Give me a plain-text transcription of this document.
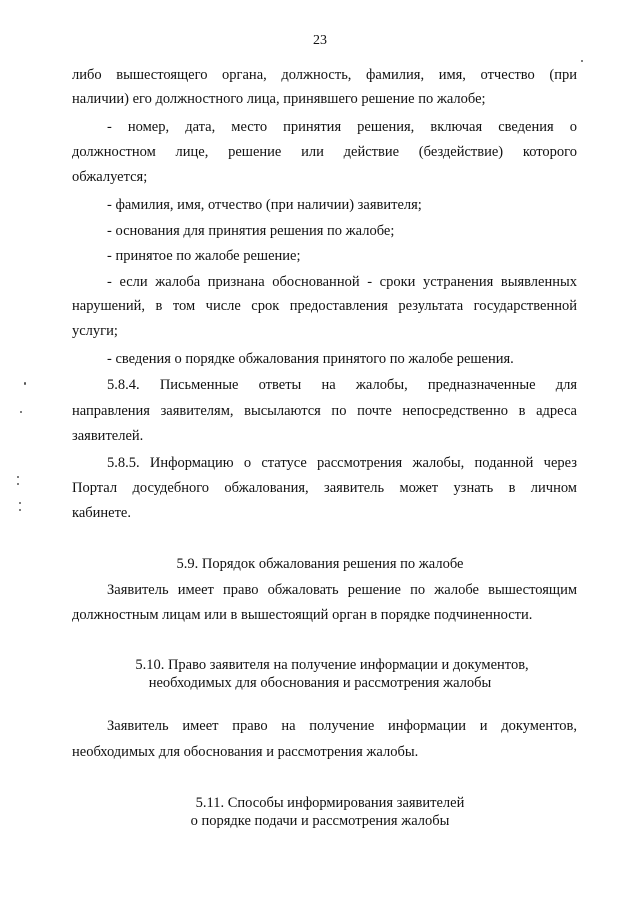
23
либо вышестоящего органа, должность, фамилия, имя, отчество (при
наличии) его должностного лица, принявшего решение по жалобе;
- номер, дата, место принятия решения, включая сведения о
должностном лице, решение или действие (бездействие) которого
обжалуется;
- фамилия, имя, отчество (при наличии) заявителя;
- основания для принятия решения по жалобе;
- принятое по жалобе решение;
- если жалоба признана обоснованной - сроки устранения выявленных
нарушений, в том числе срок предоставления результата государственной
услуги;
- сведения о порядке обжалования принятого по жалобе решения.
5.8.4. Письменные ответы на жалобы, предназначенные для
направления заявителям, высылаются по почте непосредственно в адреса
заявителей.
5.8.5. Информацию о статусе рассмотрения жалобы, поданной через
Портал досудебного обжалования, заявитель может узнать в личном
кабинете.
5.9. Порядок обжалования решения по жалобе
Заявитель имеет право обжаловать решение по жалобе вышестоящим
должностным лицам или в вышестоящий орган в порядке подчиненности.
5.10. Право заявителя на получение информации и документов,
необходимых для обоснования и рассмотрения жалобы
Заявитель имеет право на получение информации и документов,
необходимых для обоснования и рассмотрения жалобы.
5.11. Способы информирования заявителей
о порядке подачи и рассмотрения жалобы
